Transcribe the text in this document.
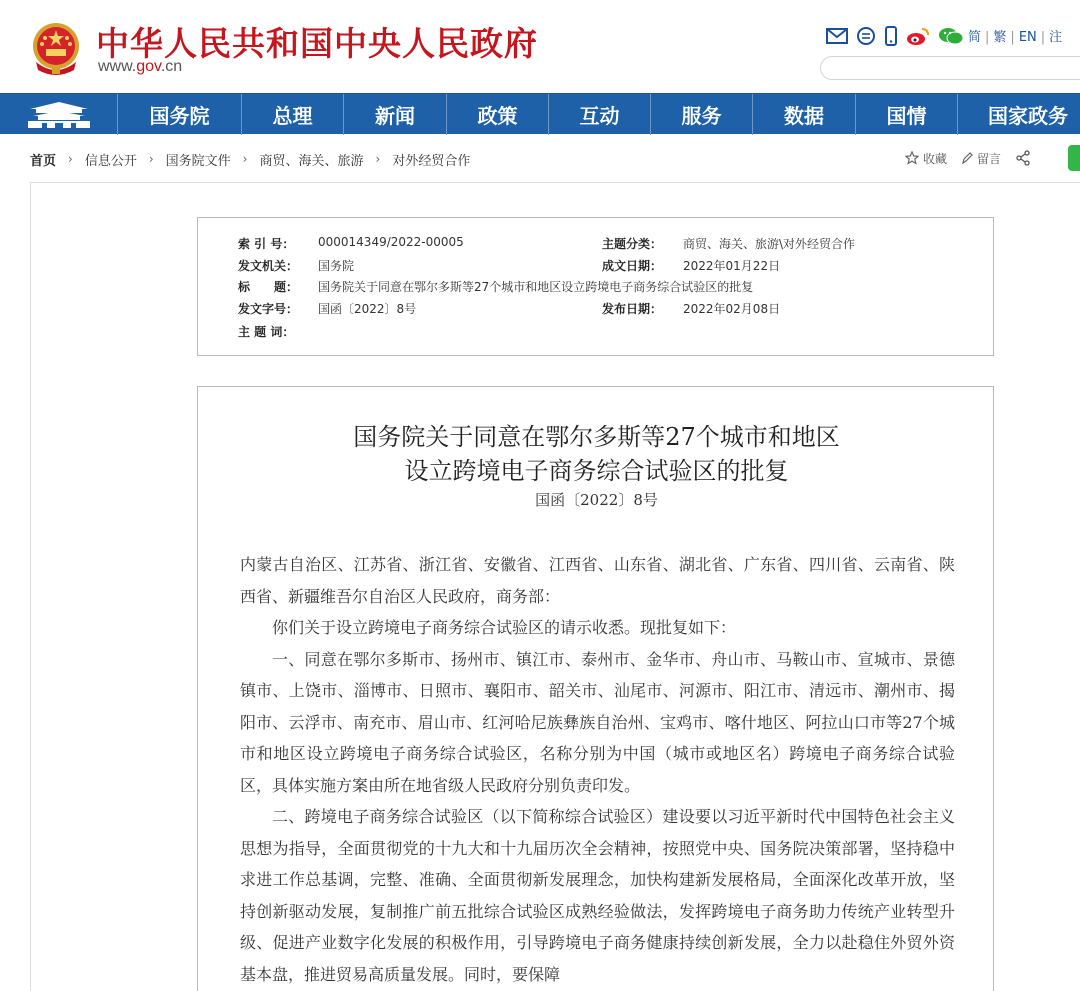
中华人民共和国中央人民政府
www.gov.cn
简 | 繁 | EN | 注
国务院	总理	新闻	政策	互动	服务	数据	国情	国家政务
首页 › 信息公开 › 国务院文件 › 商贸、海关、旅游 › 对外经贸合作	收藏	留言
索 引 号： 000014349/2022-00005	主题分类： 商贸、海关、旅游\对外经贸合作
发文机关： 国务院	成文日期： 2022年01月22日
标　　题： 国务院关于同意在鄂尔多斯等27个城市和地区设立跨境电子商务综合试验区的批复
发文字号： 国函〔2022〕8号	发布日期： 2022年02月08日
主 题 词：
国务院关于同意在鄂尔多斯等27个城市和地区
设立跨境电子商务综合试验区的批复
国函〔2022〕8号

内蒙古自治区、江苏省、浙江省、安徽省、江西省、山东省、湖北省、广东省、四川省、云南省、陕西省、新疆维吾尔自治区人民政府，商务部：

你们关于设立跨境电子商务综合试验区的请示收悉。现批复如下：

一、同意在鄂尔多斯市、扬州市、镇江市、泰州市、金华市、舟山市、马鞍山市、宣城市、景德镇市、上饶市、淄博市、日照市、襄阳市、韶关市、汕尾市、河源市、阳江市、清远市、潮州市、揭阳市、云浮市、南充市、眉山市、红河哈尼族彝族自治州、宝鸡市、喀什地区、阿拉山口市等27个城市和地区设立跨境电子商务综合试验区，名称分别为中国（城市或地区名）跨境电子商务综合试验区，具体实施方案由所在地省级人民政府分别负责印发。

二、跨境电子商务综合试验区（以下简称综合试验区）建设要以习近平新时代中国特色社会主义思想为指导，全面贯彻党的十九大和十九届历次全会精神，按照党中央、国务院决策部署，坚持稳中求进工作总基调，完整、准确、全面贯彻新发展理念，加快构建新发展格局，全面深化改革开放，坚持创新驱动发展，复制推广前五批综合试验区成熟经验做法，发挥跨境电子商务助力传统产业转型升级、促进产业数字化发展的积极作用，引导跨境电子商务健康持续创新发展，全力以赴稳住外贸外资基本盘，推进贸易高质量发展。同时，要保障
